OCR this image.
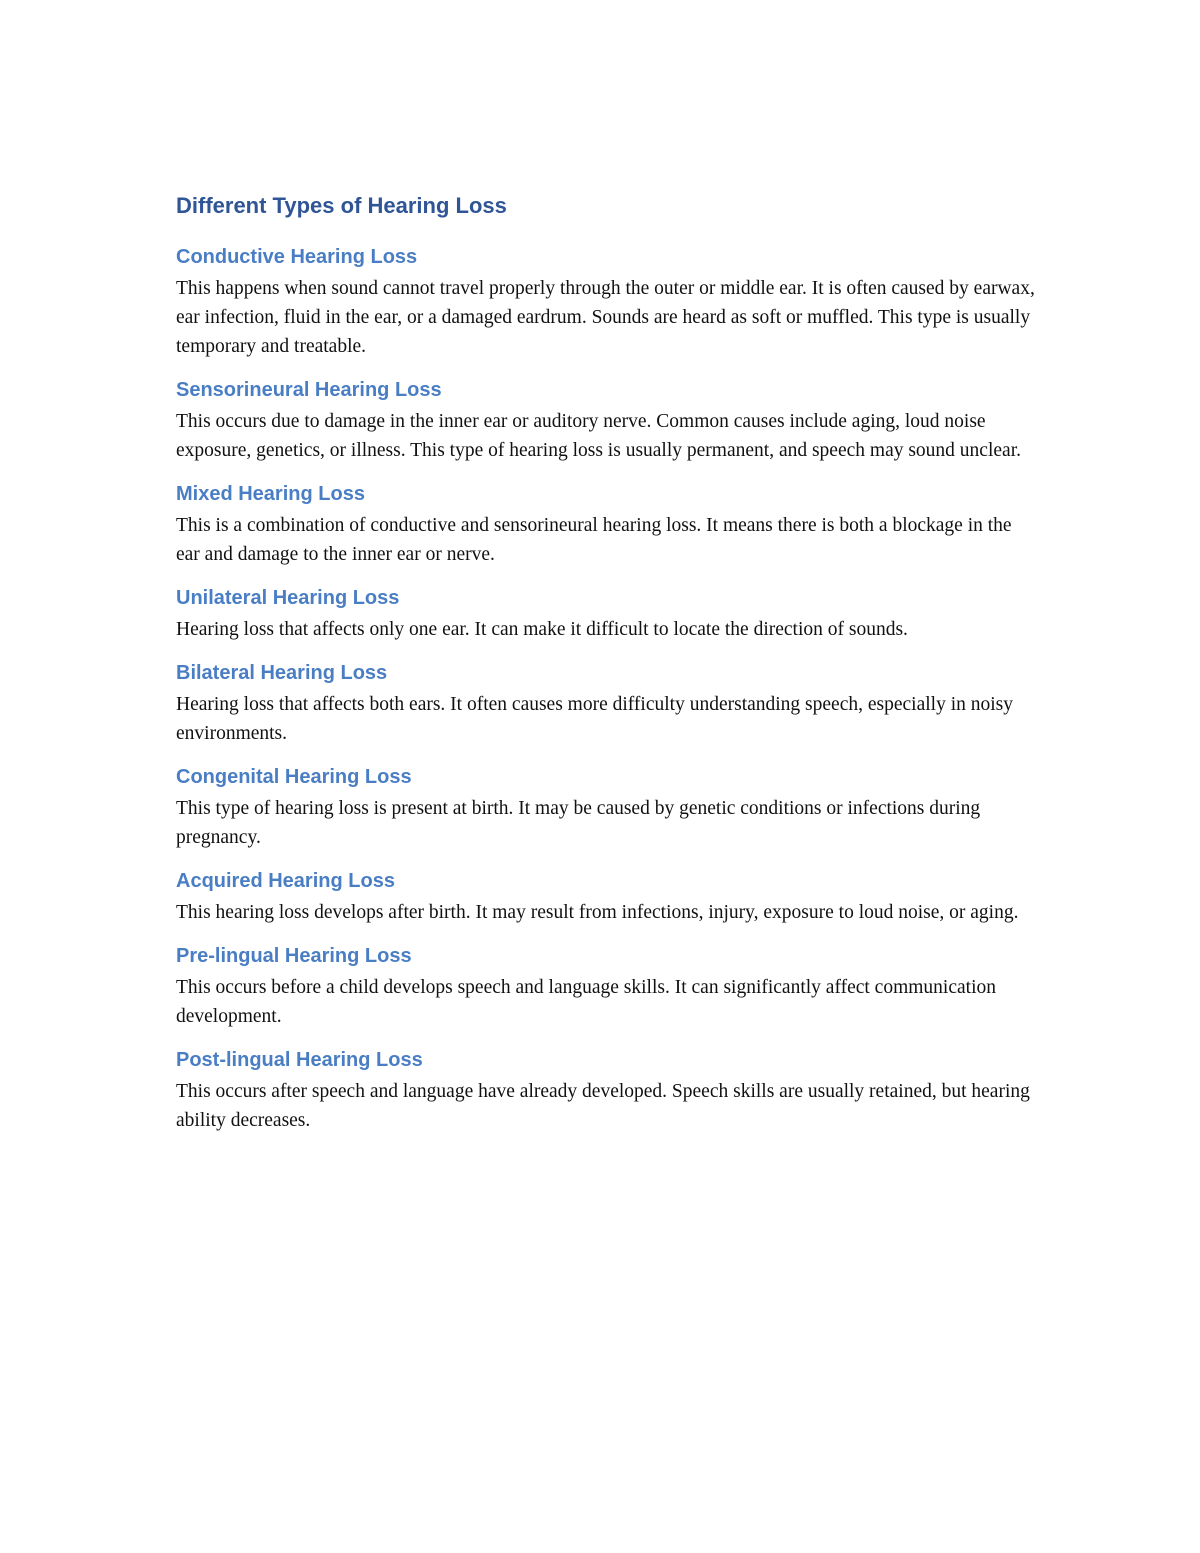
Different Types of Hearing Loss
Conductive Hearing Loss

This happens when sound cannot travel properly through the outer or middle ear. It is often caused by earwax, ear infection, fluid in the ear, or a damaged eardrum. Sounds are heard as soft or muffled. This type is usually temporary and treatable.

Sensorineural Hearing Loss

This occurs due to damage in the inner ear or auditory nerve. Common causes include aging, loud noise exposure, genetics, or illness. This type of hearing loss is usually permanent, and speech may sound unclear.

Mixed Hearing Loss

This is a combination of conductive and sensorineural hearing loss. It means there is both a blockage in the ear and damage to the inner ear or nerve.

Unilateral Hearing Loss

Hearing loss that affects only one ear. It can make it difficult to locate the direction of sounds.

Bilateral Hearing Loss

Hearing loss that affects both ears. It often causes more difficulty understanding speech, especially in noisy environments.

Congenital Hearing Loss

This type of hearing loss is present at birth. It may be caused by genetic conditions or infections during pregnancy.

Acquired Hearing Loss

This hearing loss develops after birth. It may result from infections, injury, exposure to loud noise, or aging.

Pre-lingual Hearing Loss

This occurs before a child develops speech and language skills. It can significantly affect communication development.

Post-lingual Hearing Loss

This occurs after speech and language have already developed. Speech skills are usually retained, but hearing ability decreases.
